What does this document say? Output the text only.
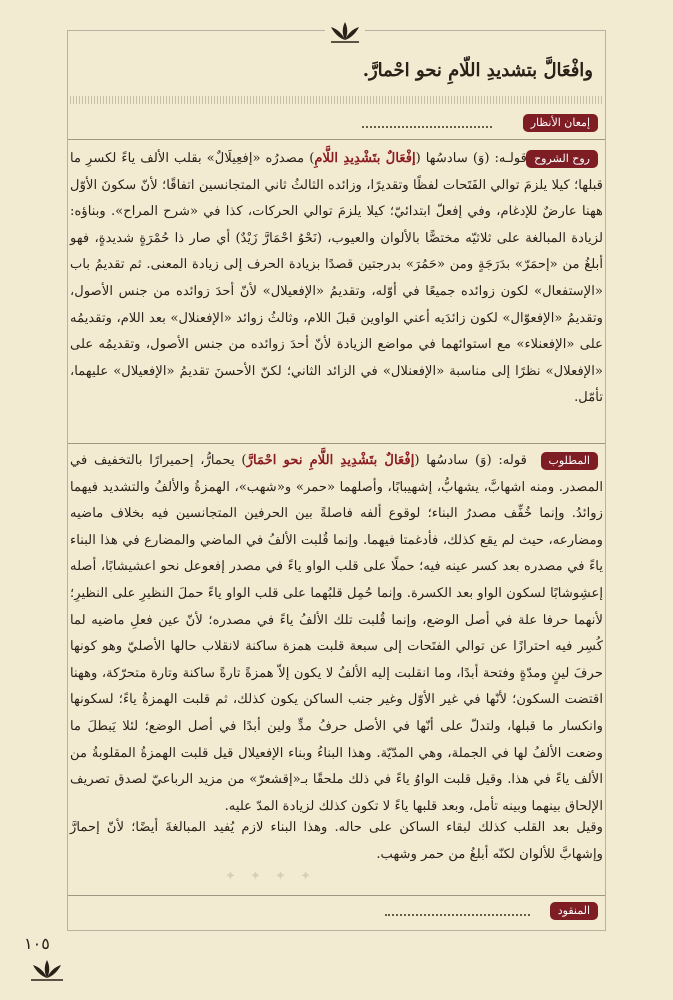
١٠٥
وافْعَالَّ بتشديدِ اللّامِ نحو احْمارَّ.
إمعان الأنظار
روح الشروح
قولـه: (وَ) سادسُها (إفْعَالٌ بتَشْدِيدِ اللَّامِ) مصدرُه «إفعِيلَالٌ» بقلب الألف ياءً لكسرِ ما قبلها؛ كيلا يلزمَ توالي الفَتَحات لفظًا وتقديرًا، وزائده الثالثُ ثاني المتجانسين اتفاقًا؛ لأنّ سكونَ الأوّل ههنا عارضٌ للإدغام، وفي إفعلّ ابتدائيّ؛ كيلا يلزمَ توالي الحركات، كذا في «شرح المراح». وبناؤه: لزيادة المبالغة على ثلاثيّه مختصًّا بالألوان والعيوب، (نَحْوُ احْمَارَّ زَيْدٌ) أي صار ذا حُمْرَةٍ شديدةٍ، فهو أبلغُ من «إحمَرّ» بدَرَجَةٍ ومن «حَمُرَ» بدرجتين قصدًا بزيادة الحرف إلى زيادة المعنى. ثم تقديمُ باب «الإستفعال» لكون زوائده جميعًا في أوّله، وتقديمُ «الإفعيلال» لأنّ أحدَ زوائده من جنس الأصول، وتقديمُ «الإفعوّال» لكون زائدَيه أعني الواوين قبلَ اللام، وثالثُ زوائد «الإفعنلال» بعد اللام، وتقديمُه على «الإفعنلاء» مع استوائهما في مواضع الزيادة لأنّ أحدَ زوائده من جنس الأصول، وتقديمُه على «الإفعلال» نظرًا إلى مناسبة «الإفعنلال» في الزائد الثاني؛ لكنّ الأحسنَ تقديمُ «الإفعيلال» عليهما، تأمّل.
المطلوب
قوله: (وَ) سادسُها (إفْعَالٌ بتَشْدِيدِ اللَّامِ نحو احْمَارَّ) يحمارُّ، إحميرارًا بالتخفيف في المصدر. ومنه اشهابَّ، يشهابُّ، إشهيبابًا، وأصلهما «حمر» و«شهب»، الهمزةُ والألفُ والتشديد فيهما زوائدُ. وإنما خُفِّف مصدرُ البناء؛ لوقوع ألفه فاصلةً بين الحرفين المتجانسين فيه بخلاف ماضيه ومضارعه، حيث لم يقع كذلك، فأدغمتا فيهما. وإنما قُلبت الألفُ في الماضي والمضارع في هذا البناء ياءً في مصدره بعد كسر عينه فيه؛ حملًا على قلب الواو ياءً في مصدر إفعوعل نحو اعشيشابًا، أصله إعشِوشابًا لسكون الواو بعد الكسرة. وإنما حُمِل قلبُهما على قلب الواو ياءً حملَ النظيرِ على النظيرِ؛ لأنهما حرفا علة في أصل الوضع، وإنما قُلبت تلك الألفُ ياءً في مصدره؛ لأنّ عين فعلِ ماضيه لما كُسِر فيه احترازًا عن توالي الفتَحات إلى سبعة قلبت همزة ساكنة لانقلاب حالها الأصليّ وهو كونها حرفَ لينٍ ومدّةٍ وفتحة أبدًا، وما انقلبت إليه الألفُ لا يكون إلاّ همزةً تارةً ساكنة وتارة متحرّكة، وههنا اقتضت السكون؛ لأنّها في غير الأوّل وغير جنب الساكن يكون كذلك، ثم قلبت الهمزةُ ياءً؛ لسكونها وانكسار ما قبلها، ولتدلّ على أنّها في الأصل حرفُ مدٍّ ولين أبدًا في أصل الوضع؛ لئلا يَبطلَ ما وضعت الألفُ لها في الجملة، وهي المدّيّة. وهذا البناءُ وبناء الإفعيلال قيل قلبت الهمزةُ المقلوبةُ من الألف ياءً في هذا. وقيل قلبت الواوُ ياءً في ذلك ملحقًا بـ«إقشعرّ» من مزيد الرباعيّ لصدق تصريف الإلحاق بينهما وبينه تأمل، وبعد قلبها ياءً لا تكون كذلك لزيادة المدّ عليه.
وقيل بعد القلب كذلك لبقاء الساكن على حاله. وهذا البناء لازم يُفيد المبالغةَ أيضًا؛ لأنّ إحمارَّ وإشهابَّ للألوان لكنّه أبلغُ من حمر وشهب.
✦ ✦ ✦ ✦
المنقود
